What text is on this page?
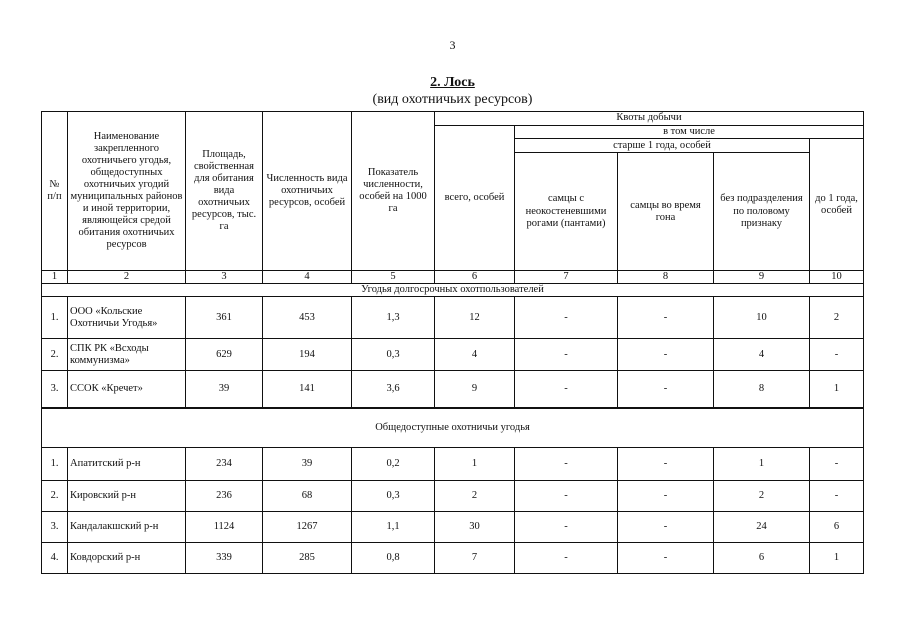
3
2. Лось
(вид охотничьих ресурсов)
№ п/п	Наименование закрепленного охотничьего угодья, общедоступных охотничьих угодий муниципальных районов и иной территории, являющейся средой обитания охотничьих ресурсов	Площадь, свойственная для обитания вида охотничьих ресурсов, тыс. га	Численность вида охотничьих ресурсов, особей	Показатель численности, особей на 1000 га	Квоты добычи				
					всего, особей	в том числе			
						старше 1 года, особей			до 1 года, особей
						самцы с неокостеневшими рогами (пантами)	самцы во время гона	без подразделения по половому признаку	
1	2	3	4	5	6	7	8	9	10
Угодья долгосрочных охотпользователей									
1.	ООО «Кольские Охотничьи Угодья»	361	453	1,3	12	-	-	10	2
2.	СПК РК «Всходы коммунизма»	629	194	0,3	4	-	-	4	-
3.	ССОК «Кречет»	39	141	3,6	9	-	-	8	1

Общедоступные охотничьи угодья									
1.	Апатитский р-н	234	39	0,2	1	-	-	1	-
2.	Кировский р-н	236	68	0,3	2	-	-	2	-
3.	Кандалакшский р-н	1124	1267	1,1	30	-	-	24	6
4.	Ковдорский р-н	339	285	0,8	7	-	-	6	1
